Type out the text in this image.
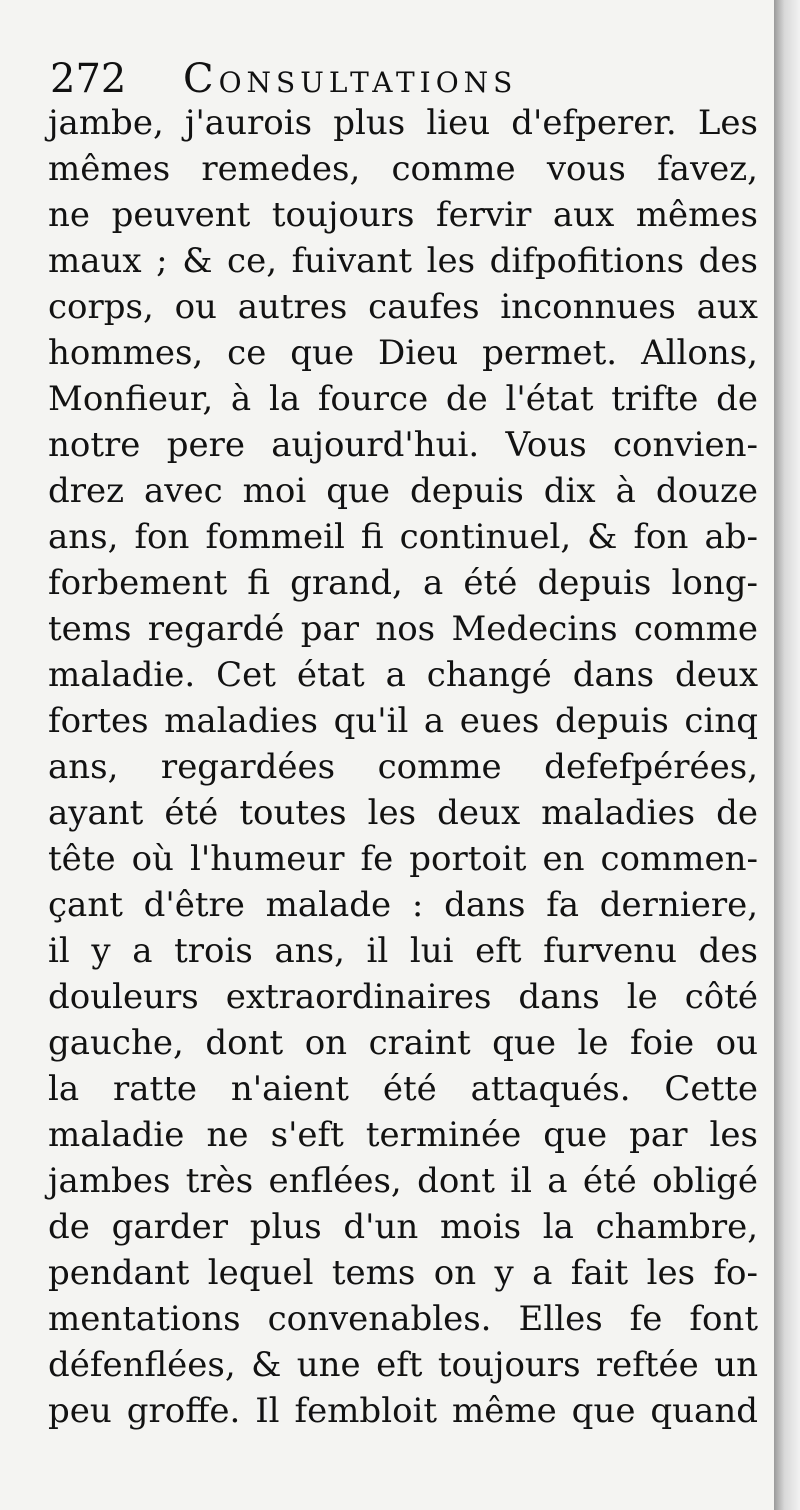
272 Consultations
jambe, j'aurois plus lieu d'efperer. Les
mêmes remedes, comme vous favez,
ne peuvent toujours fervir aux mêmes
maux ; & ce, fuivant les difpofitions des
corps, ou autres caufes inconnues aux
hommes, ce que Dieu permet. Allons,
Monfieur, à la fource de l'état trifte de
notre pere aujourd'hui. Vous convien-
drez avec moi que depuis dix à douze
ans, fon fommeil fi continuel, & fon ab-
forbement fi grand, a été depuis long-
tems regardé par nos Medecins comme
maladie. Cet état a changé dans deux
fortes maladies qu'il a eues depuis cinq
ans, regardées comme defefpérées,
ayant été toutes les deux maladies de
tête où l'humeur fe portoit en commen-
çant d'être malade : dans fa derniere,
il y a trois ans, il lui eft furvenu des
douleurs extraordinaires dans le côté
gauche, dont on craint que le foie ou
la ratte n'aient été attaqués. Cette
maladie ne s'eft terminée que par les
jambes très enflées, dont il a été obligé
de garder plus d'un mois la chambre,
pendant lequel tems on y a fait les fo-
mentations convenables. Elles fe font
défenflées, & une eft toujours reftée un
peu groffe. Il fembloit même que quand
